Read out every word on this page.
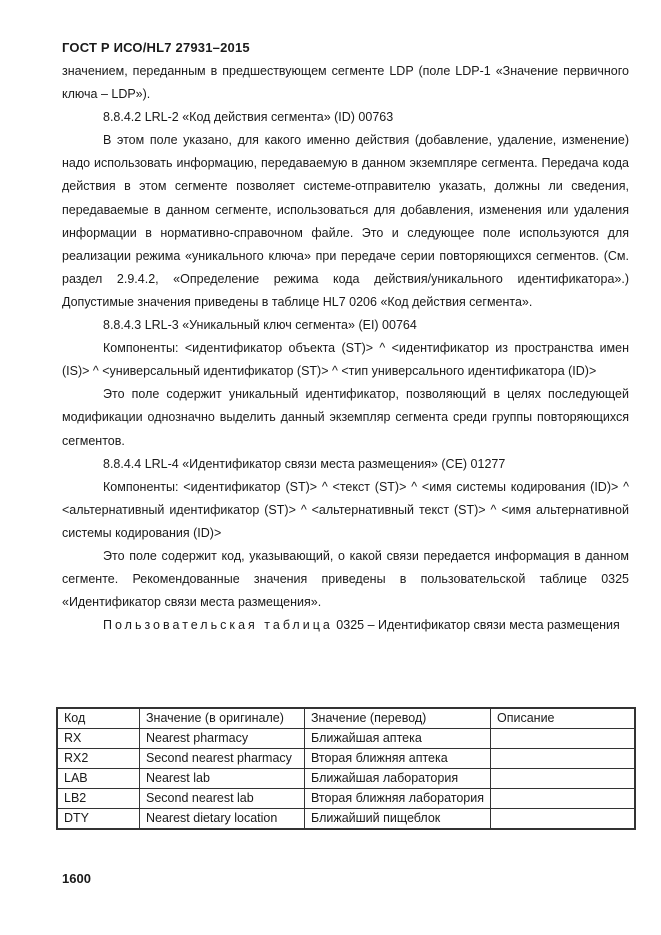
ГОСТ Р ИСО/HL7 27931–2015

значением, переданным в предшествующем сегменте LDP (поле LDP-1 «Значение первичного ключа – LDP»).

8.8.4.2 LRL-2 «Код действия сегмента» (ID) 00763

В этом поле указано, для какого именно действия (добавление, удаление, изменение) надо использовать информацию, передаваемую в данном экземпляре сегмента. Передача кода действия в этом сегменте позволяет системе-отправителю указать, должны ли сведения, передаваемые в данном сегменте, использоваться для добавления, изменения или удаления информации в нормативно-справочном файле. Это и следующее поле используются для реализации режима «уникального ключа» при передаче серии повторяющихся сегментов. (См. раздел 2.9.4.2, «Определение режима кода действия/уникального идентификатора».) Допустимые значения приведены в таблице HL7 0206 «Код действия сегмента».

8.8.4.3 LRL-3 «Уникальный ключ сегмента» (EI) 00764

Компоненты: <идентификатор объекта (ST)> ^ <идентификатор из пространства имен (IS)> ^ <универсальный идентификатор (ST)> ^ <тип универсального идентификатора (ID)>

Это поле содержит уникальный идентификатор, позволяющий в целях последующей модификации однозначно выделить данный экземпляр сегмента среди группы повторяющихся сегментов.

8.8.4.4 LRL-4 «Идентификатор связи места размещения» (CE) 01277

Компоненты: <идентификатор (ST)> ^ <текст (ST)> ^ <имя системы кодирования (ID)> ^ <альтернативный идентификатор (ST)> ^ <альтернативный текст (ST)> ^ <имя альтернативной системы кодирования (ID)>

Это поле содержит код, указывающий, о какой связи передается информация в данном сегменте. Рекомендованные значения приведены в пользовательской таблице 0325 «Идентификатор связи места размещения».

Пользовательская таблица 0325 – Идентификатор связи места размещения

Код	Значение (в оригинале)	Значение (перевод)	Описание
RX	Nearest pharmacy	Ближайшая аптека	
RX2	Second nearest pharmacy	Вторая ближняя аптека	
LAB	Nearest lab	Ближайшая лаборатория	
LB2	Second nearest lab	Вторая ближняя лаборатория	
DTY	Nearest dietary location	Ближайший пищеблок	
1600
